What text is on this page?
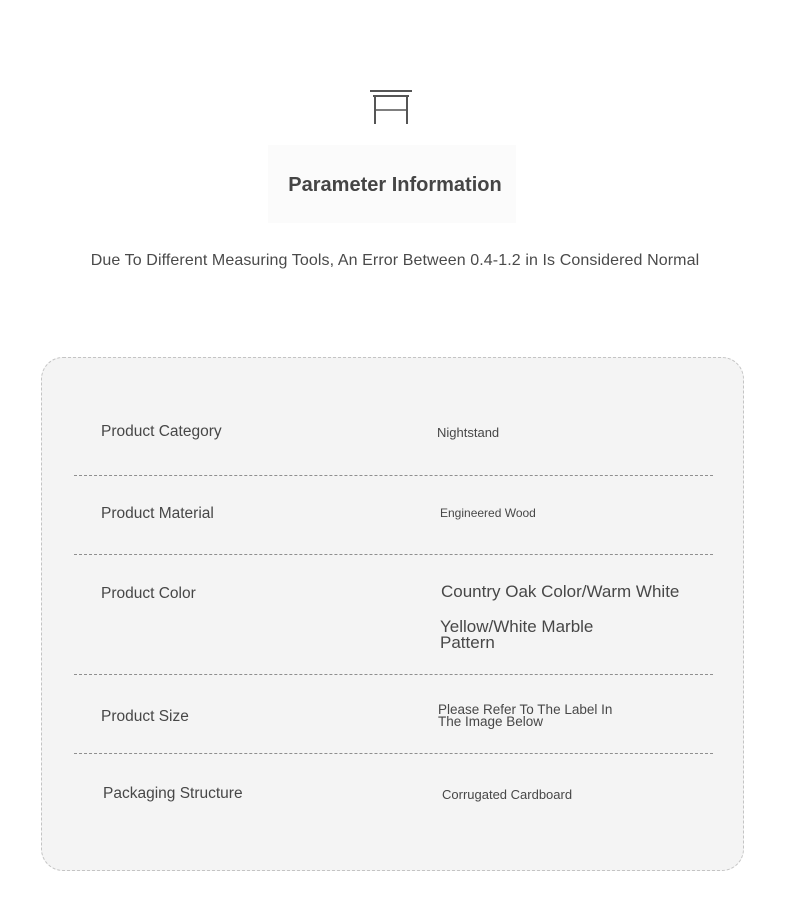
Parameter Information
Due To Different Measuring Tools, An Error Between 0.4-1.2 in Is Considered Normal
Product Category	Nightstand
Product Material	Engineered Wood
Product Color	Country Oak Color/Warm White
Yellow/White Marble
Pattern
Product Size	Please Refer To The Label In
The Image Below
Packaging Structure	Corrugated Cardboard
